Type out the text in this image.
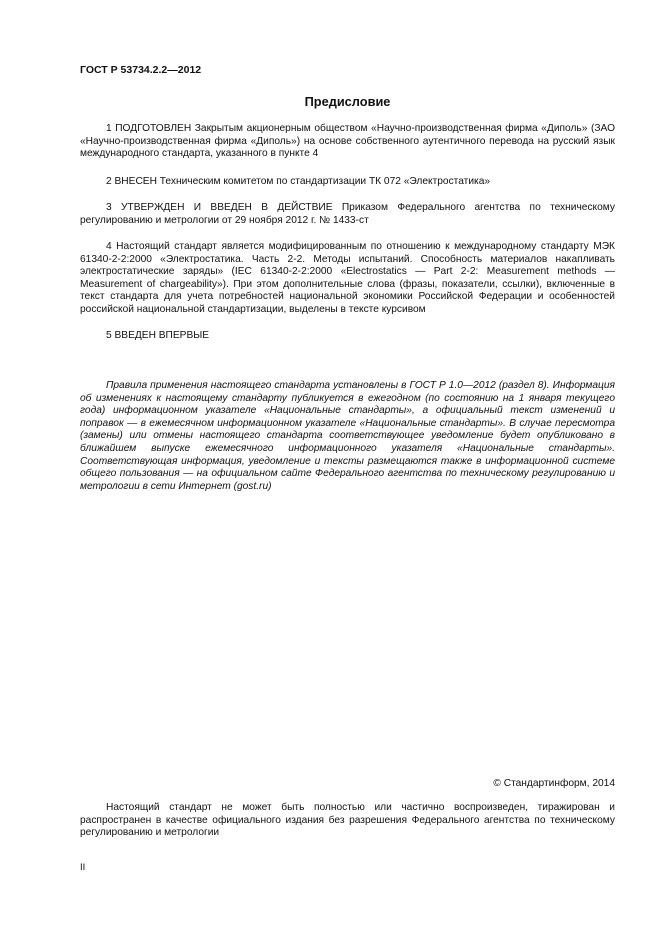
ГОСТ Р 53734.2.2—2012
Предисловие

1 ПОДГОТОВЛЕН Закрытым акционерным обществом «Научно-производственная фирма «Диполь» (ЗАО «Научно-производственная фирма «Диполь») на основе собственного аутентичного перевода на русский язык международного стандарта, указанного в пункте 4

2 ВНЕСЕН Техническим комитетом по стандартизации ТК 072 «Электростатика»

3 УТВЕРЖДЕН И ВВЕДЕН В ДЕЙСТВИЕ Приказом Федерального агентства по техническому регулированию и метрологии от 29 ноября 2012 г. № 1433-ст

4 Настоящий стандарт является модифицированным по отношению к международному стандарту МЭК 61340-2-2:2000 «Электростатика. Часть 2-2. Методы испытаний. Способность материалов накапливать электростатические заряды» (IEC 61340-2-2:2000 «Electrostatics — Part 2-2: Measurement methods — Measurement of chargeability»). При этом дополнительные слова (фразы, показатели, ссылки), включенные в текст стандарта для учета потребностей национальной экономики Российской Федерации и особенностей российской национальной стандартизации, выделены в тексте курсивом

5 ВВЕДЕН ВПЕРВЫЕ

Правила применения настоящего стандарта установлены в ГОСТ Р 1.0—2012 (раздел 8). Информация об изменениях к настоящему стандарту публикуется в ежегодном (по состоянию на 1 января текущего года) информационном указателе «Национальные стандарты», а официальный текст изменений и поправок — в ежемесячном информационном указателе «Национальные стандарты». В случае пересмотра (замены) или отмены настоящего стандарта соответствующее уведомление будет опубликовано в ближайшем выпуске ежемесячного информационного указателя «Национальные стандарты». Соответствующая информация, уведомление и тексты размещаются также в информационной системе общего пользования — на официальном сайте Федерального агентства по техническому регулированию и метрологии в сети Интернет (gost.ru)

© Стандартинформ, 2014

Настоящий стандарт не может быть полностью или частично воспроизведен, тиражирован и распространен в качестве официального издания без разрешения Федерального агентства по техническому регулированию и метрологии

II
